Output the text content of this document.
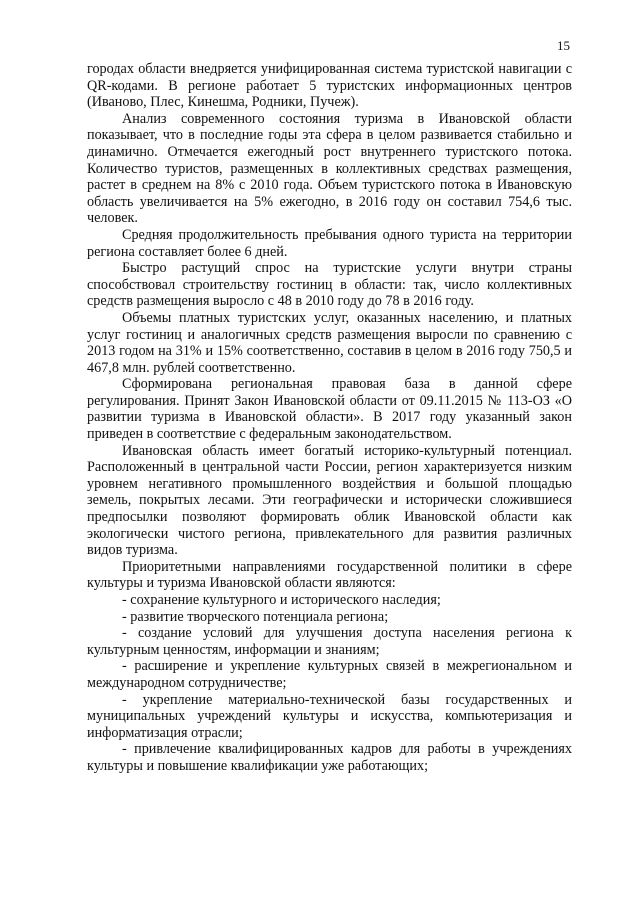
15

городах области внедряется унифицированная система туристской навигации с QR-кодами. В регионе работает 5 туристских информационных центров (Иваново, Плес, Кинешма, Родники, Пучеж).

Анализ современного состояния туризма в Ивановской области показывает, что в последние годы эта сфера в целом развивается стабильно и динамично. Отмечается ежегодный рост внутреннего туристского потока. Количество туристов, размещенных в коллективных средствах размещения, растет в среднем на 8% с 2010 года. Объем туристского потока в Ивановскую область увеличивается на 5% ежегодно, в 2016 году он составил 754,6 тыс. человек.

Средняя продолжительность пребывания одного туриста на территории региона составляет более 6 дней.

Быстро растущий спрос на туристские услуги внутри страны способствовал строительству гостиниц в области: так, число коллективных средств размещения выросло с 48 в 2010 году до 78 в 2016 году.

Объемы платных туристских услуг, оказанных населению, и платных услуг гостиниц и аналогичных средств размещения выросли по сравнению с 2013 годом на 31% и 15% соответственно, составив в целом в 2016 году 750,5 и 467,8 млн. рублей соответственно.

Сформирована региональная правовая база в данной сфере регулирования. Принят Закон Ивановской области от 09.11.2015 № 113-ОЗ «О развитии туризма в Ивановской области». В 2017 году указанный закон приведен в соответствие с федеральным законодательством.

Ивановская область имеет богатый историко-культурный потенциал. Расположенный в центральной части России, регион характеризуется низким уровнем негативного промышленного воздействия и большой площадью земель, покрытых лесами. Эти географически и исторически сложившиеся предпосылки позволяют формировать облик Ивановской области как экологически чистого региона, привлекательного для развития различных видов туризма.

Приоритетными направлениями государственной политики в сфере культуры и туризма Ивановской области являются:

- сохранение культурного и исторического наследия;

- развитие творческого потенциала региона;

- создание условий для улучшения доступа населения региона к культурным ценностям, информации и знаниям;

- расширение и укрепление культурных связей в межрегиональном и международном сотрудничестве;

- укрепление материально-технической базы государственных и муниципальных учреждений культуры и искусства, компьютеризация и информатизация отрасли;

- привлечение квалифицированных кадров для работы в учреждениях культуры и повышение квалификации уже работающих;
